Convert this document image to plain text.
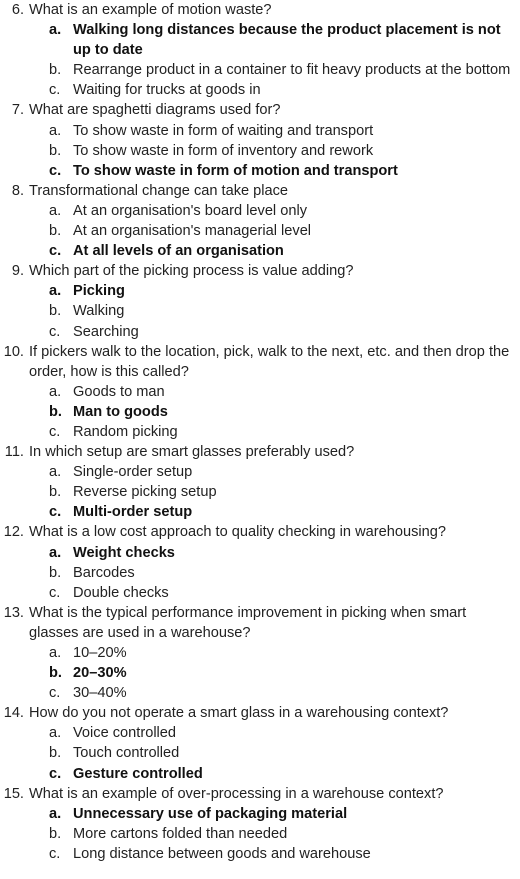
6. What is an example of motion waste?
a. Walking long distances because the product placement is not up to date
b. Rearrange product in a container to fit heavy products at the bottom
c. Waiting for trucks at goods in
7. What are spaghetti diagrams used for?
a. To show waste in form of waiting and transport
b. To show waste in form of inventory and rework
c. To show waste in form of motion and transport
8. Transformational change can take place
a. At an organisation's board level only
b. At an organisation's managerial level
c. At all levels of an organisation
9. Which part of the picking process is value adding?
a. Picking
b. Walking
c. Searching
10. If pickers walk to the location, pick, walk to the next, etc. and then drop the order, how is this called?
a. Goods to man
b. Man to goods
c. Random picking
11. In which setup are smart glasses preferably used?
a. Single-order setup
b. Reverse picking setup
c. Multi-order setup
12. What is a low cost approach to quality checking in warehousing?
a. Weight checks
b. Barcodes
c. Double checks
13. What is the typical performance improvement in picking when smart glasses are used in a warehouse?
a. 10–20%
b. 20–30%
c. 30–40%
14. How do you not operate a smart glass in a warehousing context?
a. Voice controlled
b. Touch controlled
c. Gesture controlled
15. What is an example of over-processing in a warehouse context?
a. Unnecessary use of packaging material
b. More cartons folded than needed
c. Long distance between goods and warehouse
